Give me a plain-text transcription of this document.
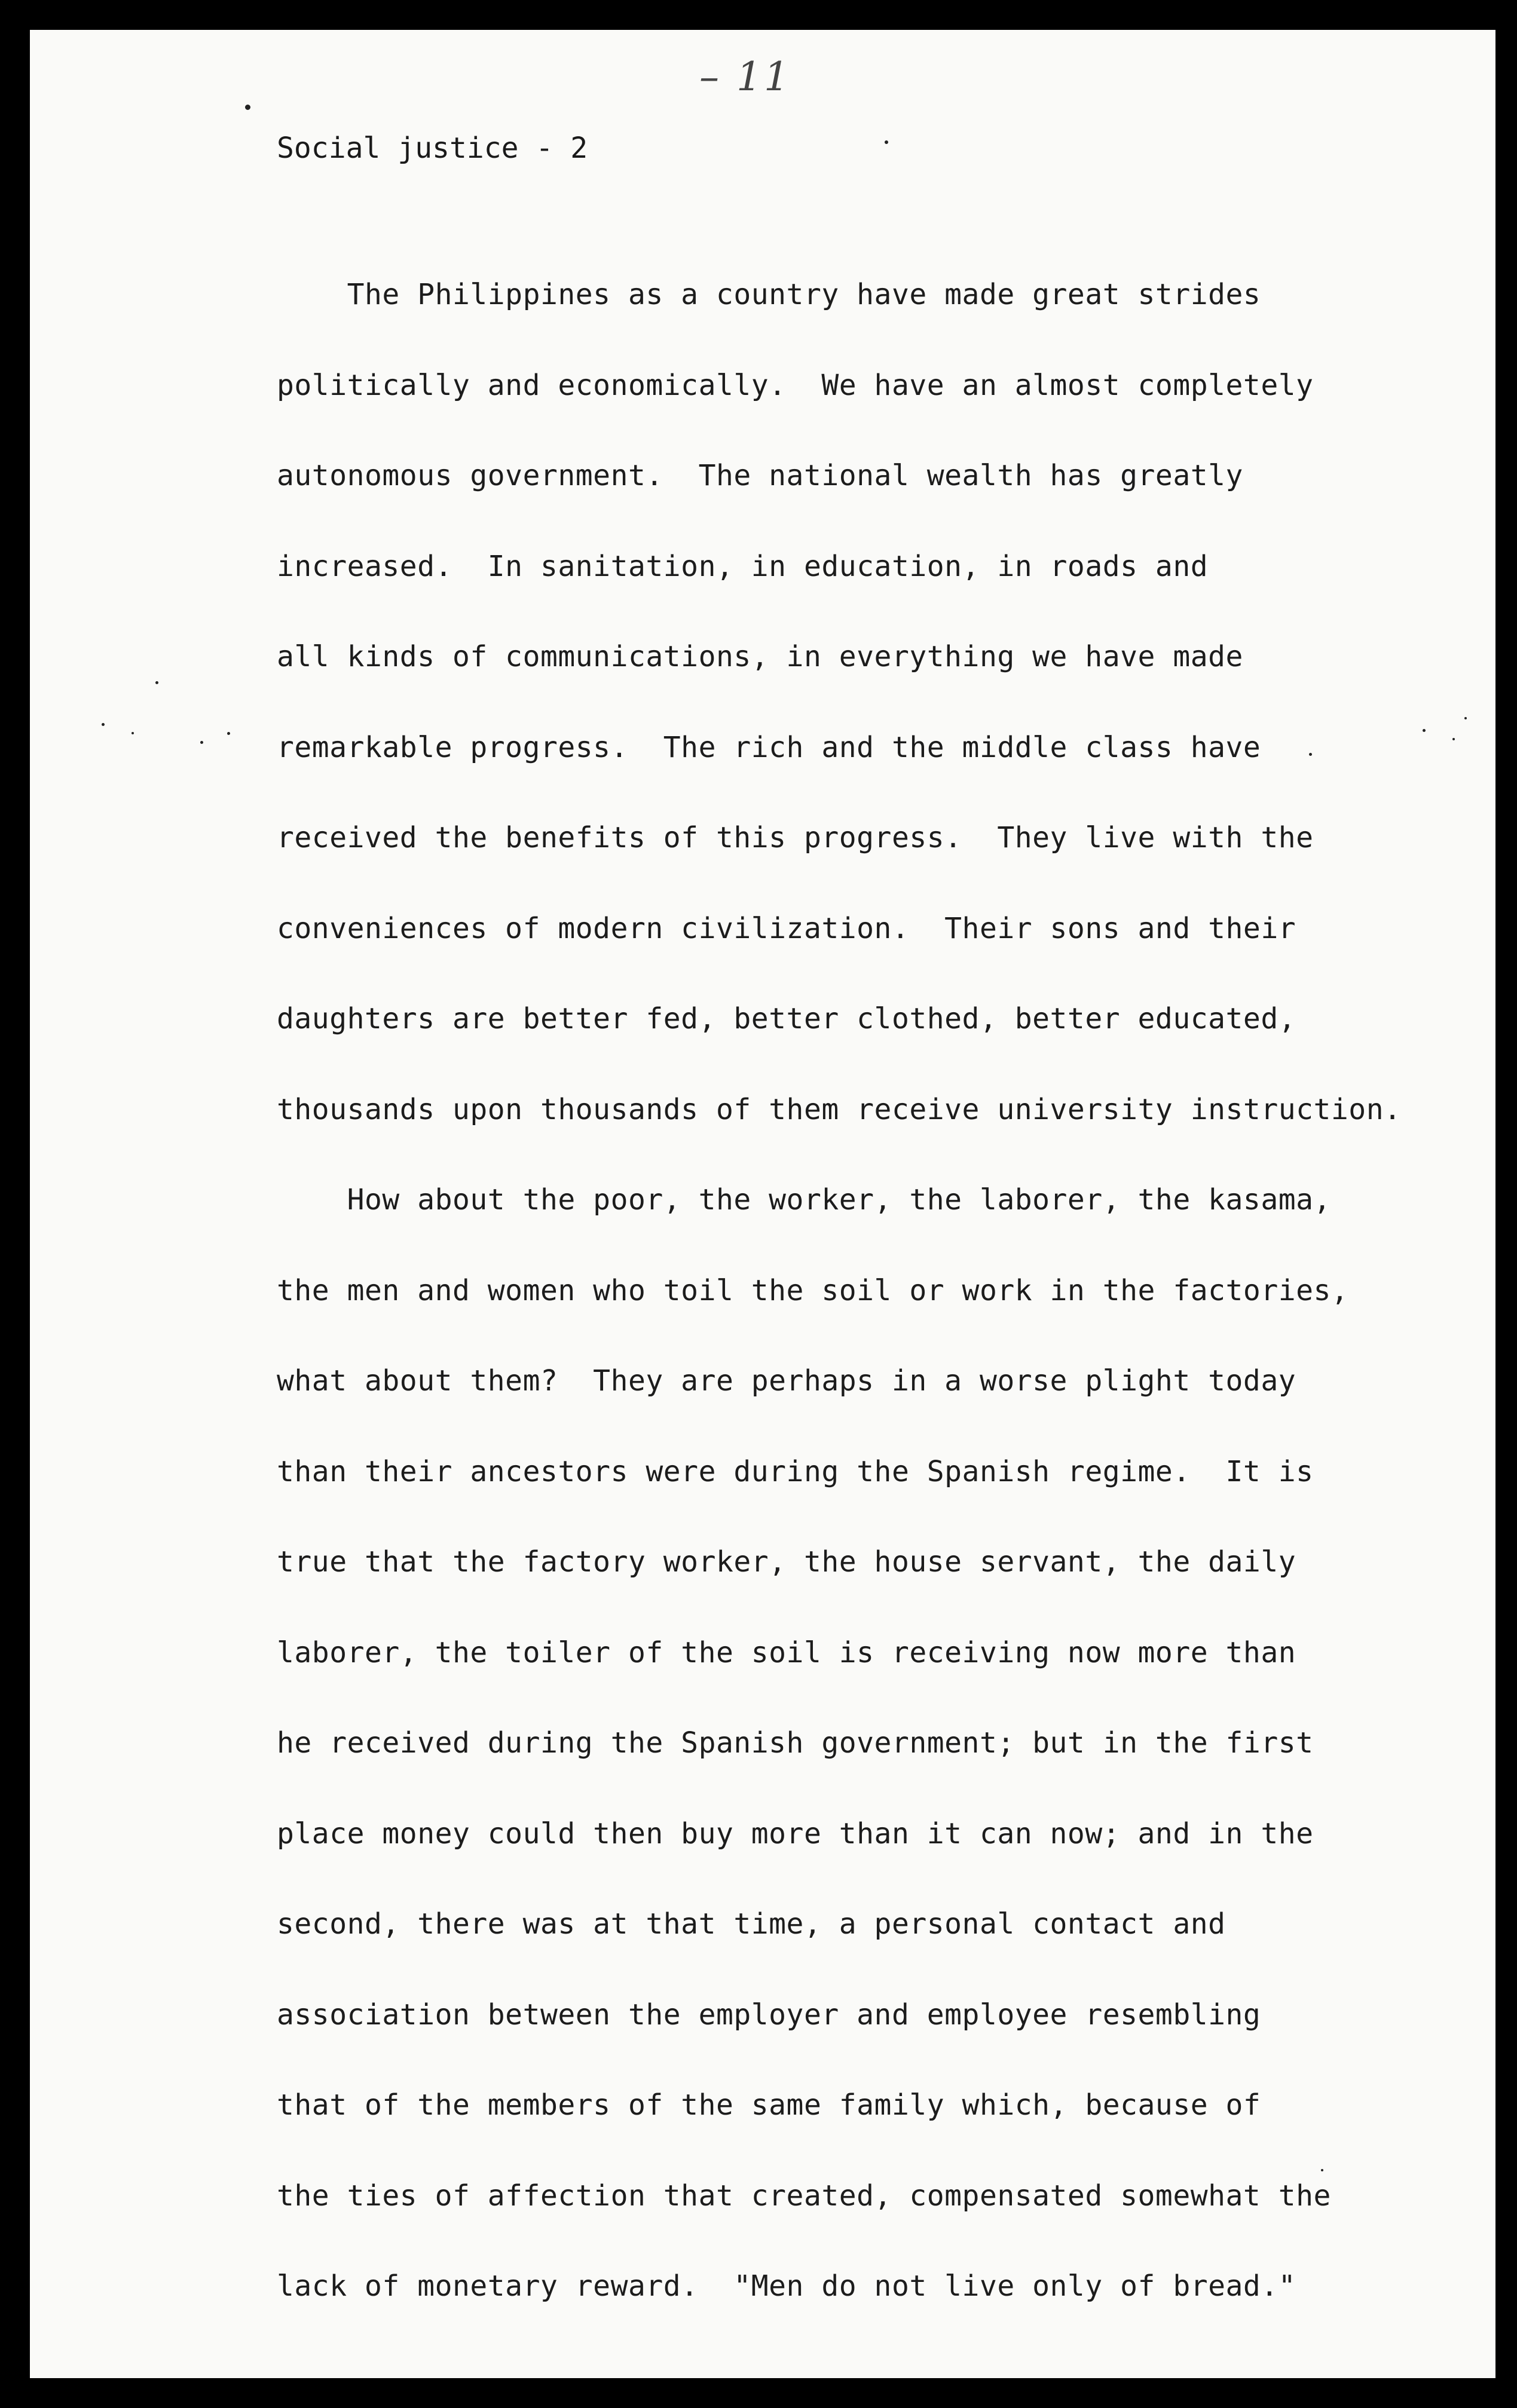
– 11
Social justice - 2
The Philippines as a country have made great strides
politically and economically.  We have an almost completely
autonomous government.  The national wealth has greatly
increased.  In sanitation, in education, in roads and
all kinds of communications, in everything we have made
remarkable progress.  The rich and the middle class have
received the benefits of this progress.  They live with the
conveniences of modern civilization.  Their sons and their
daughters are better fed, better clothed, better educated,
thousands upon thousands of them receive university instruction.
How about the poor, the worker, the laborer, the kasama,
the men and women who toil the soil or work in the factories,
what about them?  They are perhaps in a worse plight today
than their ancestors were during the Spanish regime.  It is
true that the factory worker, the house servant, the daily
laborer, the toiler of the soil is receiving now more than
he received during the Spanish government; but in the first
place money could then buy more than it can now; and in the
second, there was at that time, a personal contact and
association between the employer and employee resembling
that of the members of the same family which, because of
the ties of affection that created, compensated somewhat the
lack of monetary reward.  "Men do not live only of bread."
